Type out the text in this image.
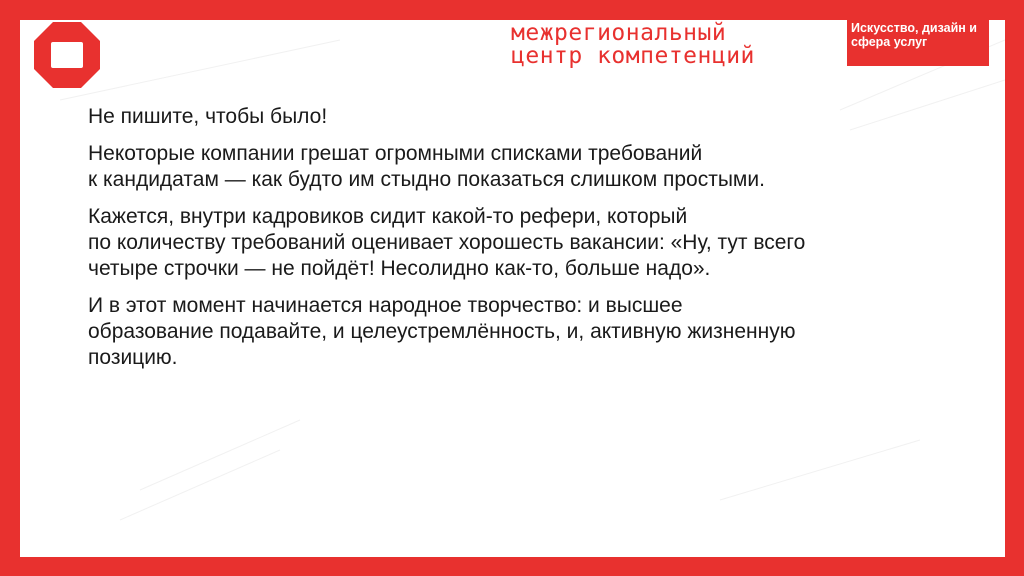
межрегиональный
центр компетенций
Искусство, дизайн и сфера услуг

Не пишите, чтобы было!

Некоторые компании грешат огромными списками требований
к кандидатам — как будто им стыдно показаться слишком простыми.

Кажется, внутри кадровиков сидит какой-то рефери, который
по количеству требований оценивает хорошесть вакансии: «Ну, тут всего
четыре строчки — не пойдёт! Несолидно как-то, больше надо».

И в этот момент начинается народное творчество: и высшее
образование подавайте, и целеустремлённость, и, активную жизненную
позицию.
